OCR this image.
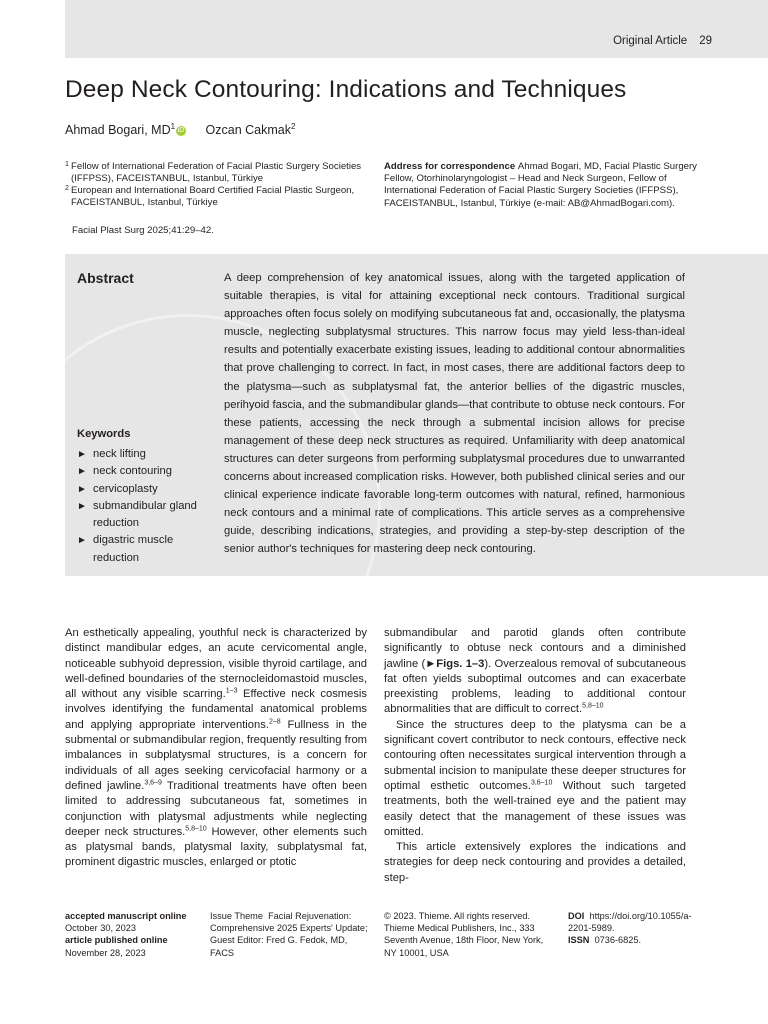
Original Article 29
Deep Neck Contouring: Indications and Techniques
Ahmad Bogari, $MD^1$ iD Ozcan Cakmak$^2$
1 Fellow of International Federation of Facial Plastic Surgery Societies (IFFPSS), FACEISTANBUL, Istanbul, Türkiye
2 European and International Board Certified Facial Plastic Surgeon, FACEISTANBUL, Istanbul, Türkiye
Facial Plast Surg 2025;41:29–42.
Address for correspondence Ahmad Bogari, MD, Facial Plastic Surgery Fellow, Otorhinolaryngologist – Head and Neck Surgeon, Fellow of International Federation of Facial Plastic Surgery Societies (IFFPSS), FACEISTANBUL, Istanbul, Türkiye (e-mail: AB@AhmadBogari.com).
Abstract	A deep comprehension of key anatomical issues, along with the targeted application of suitable therapies, is vital for attaining exceptional neck contours. Traditional surgical approaches often focus solely on modifying subcutaneous fat and, occasionally, the platysma muscle, neglecting subplatysmal structures. This narrow focus may yield less-than-ideal results and potentially exacerbate existing issues, leading to additional contour abnormalities that prove challenging to correct. In fact, in most cases, there are additional factors deep to the platysma—such as subplatysmal fat, the anterior bellies of the digastric muscles, perihyoid fascia, and the submandibular glands—that contribute to obtuse neck contours. For these patients, accessing the neck through a submental incision allows for precise management of these deep neck structures as required. Unfamiliarity with deep anatomical structures can deter surgeons from performing subplatysmal procedures due to unwarranted concerns about increased complication risks. However, both published clinical series and our clinical experience indicate favorable long-term outcomes with natural, refined, harmonious neck contours and a minimal rate of complications. This article serves as a comprehensive guide, describing indications, strategies, and providing a step-by-step description of the senior author's techniques for mastering deep neck contouring.

Keywords
► neck lifting
► neck contouring
► cervicoplasty
► submandibular gland reduction
► digastric muscle reduction

An esthetically appealing, youthful neck is characterized by distinct mandibular edges, an acute cervicomental angle, noticeable subhyoid depression, visible thyroid cartilage, and well-defined boundaries of the sternocleidomastoid muscles, all without any visible scarring.$^{1-3}$ Effective neck cosmesis involves identifying the fundamental anatomical problems and applying appropriate interventions.$^{2-8}$ Fullness in the submental or submandibular region, frequently resulting from imbalances in subplatysmal structures, is a concern for individuals of all ages seeking cervicofacial harmony or a defined jawline.$^{3,6-9}$ Traditional treatments have often been limited to addressing subcutaneous fat, sometimes in conjunction with platysmal adjustments while neglecting deeper neck structures.$^{5,8-10}$ However, other elements such as platysmal bands, platysmal laxity, subplatysmal fat, prominent digastric muscles, enlarged or ptotic

submandibular and parotid glands often contribute significantly to obtuse neck contours and a diminished jawline (►Figs. 1–3). Overzealous removal of subcutaneous fat often yields suboptimal outcomes and can exacerbate preexisting problems, leading to additional contour abnormalities that are difficult to correct.$^{5,8-10}$

Since the structures deep to the platysma can be a significant covert contributor to neck contours, effective neck contouring often necessitates surgical intervention through a submental incision to manipulate these deeper structures for optimal esthetic outcomes.$^{3,6-10}$ Without such targeted treatments, both the well-trained eye and the patient may easily detect that the management of these issues was omitted.

This article extensively explores the indications and strategies for deep neck contouring and provides a detailed, step-

accepted manuscript online
October 30, 2023
article published online
November 28, 2023
Issue Theme Facial Rejuvenation: Comprehensive 2025 Experts' Update; Guest Editor: Fred G. Fedok, MD, FACS
© 2023. Thieme. All rights reserved. Thieme Medical Publishers, Inc., 333 Seventh Avenue, 18th Floor, New York, NY 10001, USA
DOI https://doi.org/10.1055/a-2201-5989.
ISSN 0736-6825.
